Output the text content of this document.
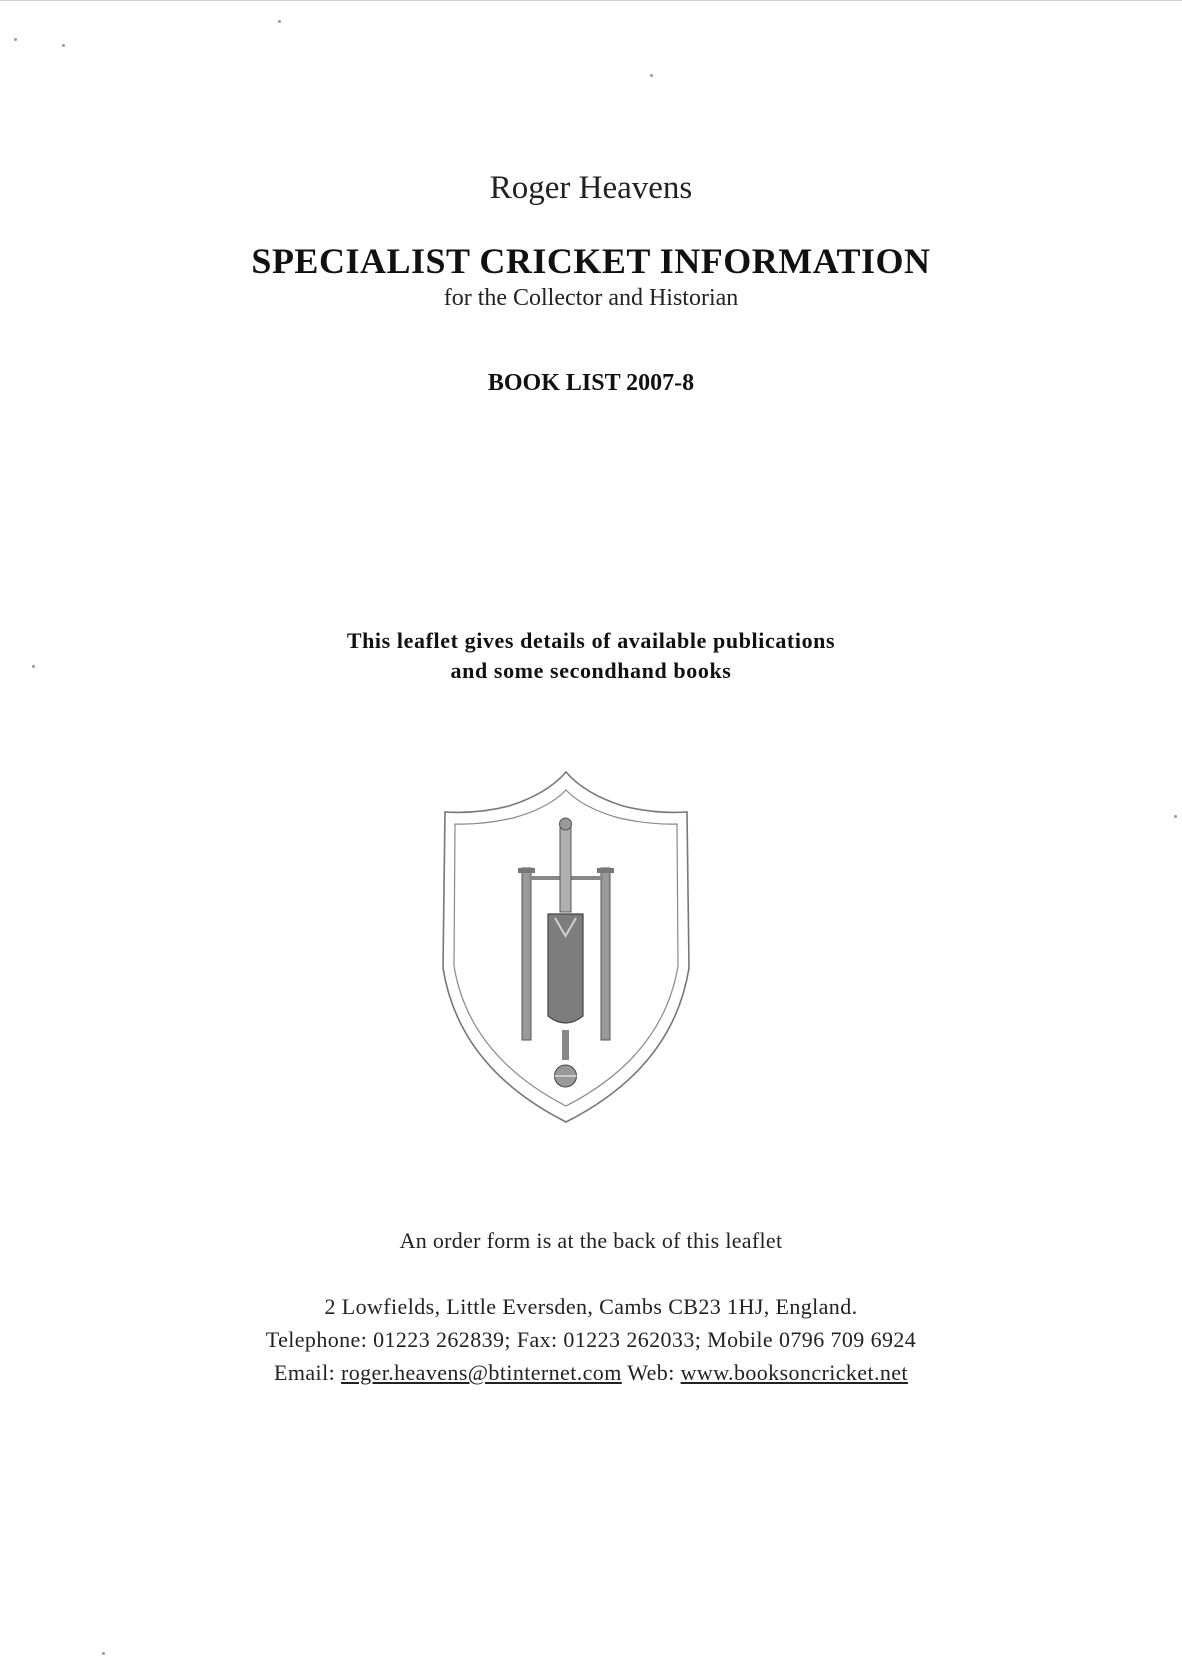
Roger Heavens
SPECIALIST CRICKET INFORMATION
for the Collector and Historian
BOOK LIST 2007-8
This leaflet gives details of available publications
and some secondhand books
An order form is at the back of this leaflet
2 Lowfields, Little Eversden, Cambs CB23 1HJ, England.
Telephone: 01223 262839; Fax: 01223 262033; Mobile 0796 709 6924
Email: roger.heavens@btinternet.com Web: www.booksoncricket.net
